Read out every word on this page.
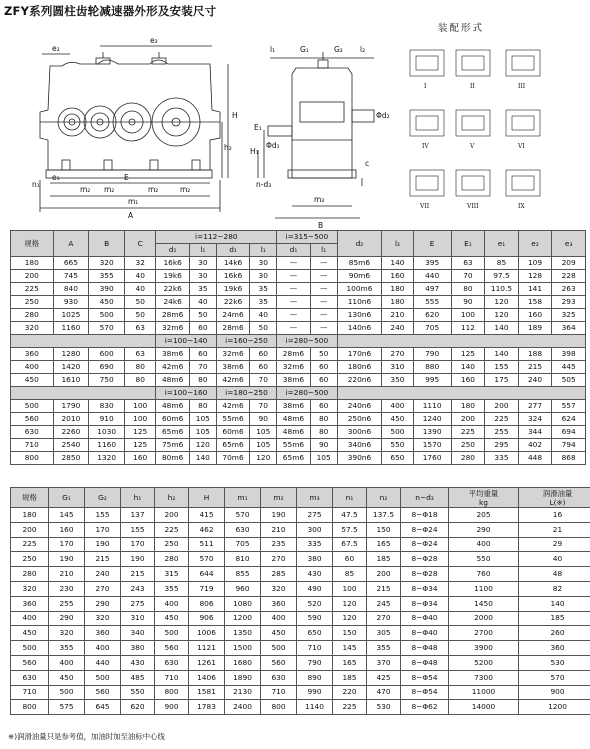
ZFY系列圆柱齿轮减速器外形及安装尺寸
装配形式
e₂
e₃
H
h₂
n₁
e₁
m₂ m₂
E
m₂	m₂
m₁
A
l₁	G₁	G₂ l₂
Φd₂
E₁
H₁
Φd₁
c
n-d₃
m₃
B
I	II	III
IV	V	VI
VII	VIII	IX
规格	A	B	C	i=112~280				i=315~500		d₂	l₂	E	E₁	e₁	e₂	e₃
				d₁	l₁	d₁	l₁	d₁	l₁							
180	665	320	32	16k6	30	14k6	30	—	—	85m6	140	395	63	85	109	209
200	745	355	40	19k6	30	16k6	30	—	—	90m6	160	440	70	97.5	128	228
225	840	390	40	22k6	35	19k6	35	—	—	100m6	180	497	80	110.5	141	263
250	930	450	50	24k6	40	22k6	35	—	—	110n6	180	555	90	120	158	293
280	1025	500	50	28m6	50	24m6	40	—	—	130n6	210	620	100	120	160	325
320	1160	570	63	32m6	60	28m6	50	—	—	140n6	240	705	112	140	189	364
				i=100~140		i=160~250		i=280~500								
360	1280	600	63	38m6	60	32m6	60	28m6	50	170n6	270	790	125	140	188	398
400	1420	690	80	42m6	70	38m6	60	32m6	60	180n6	310	880	140	155	215	445
450	1610	750	80	48m6	80	42m6	70	38m6	60	220n6	350	995	160	175	240	505
				i=100~160		i=180~250		i=280~500								
500	1790	830	100	48m6	80	42m6	70	38m6	60	240n6	400	1110	180	200	277	557
560	2010	910	100	60m6	105	55m6	90	48m6	80	250n6	450	1240	200	225	324	624
630	2260	1030	125	65m6	105	60m6	105	48m6	80	300n6	500	1390	225	255	344	694
710	2540	1160	125	75m6	120	65m6	105	55m6	90	340n6	550	1570	250	295	402	794
800	2850	1320	160	80m6	140	70m6	120	65m6	105	390n6	650	1760	280	335	448	868
规格	G₁	G₂	h₁	h₂	H	m₁	m₂	m₃	n₁	n₂	n−d₃	平均重量
kg	润滑油量
L(※)
180	145	155	137	200	415	570	190	275	47.5	137.5	8−Φ18	205	16
200	160	170	155	225	462	630	210	300	57.5	150	8−Φ24	290	21
225	170	190	170	250	511	705	235	335	67.5	165	8−Φ24	400	29
250	190	215	190	280	570	810	270	380	60	185	8−Φ28	550	40
280	210	240	215	315	644	855	285	430	85	200	8−Φ28	760	48
320	230	270	243	355	719	960	320	490	100	215	8−Φ34	1100	82
360	255	290	275	400	806	1080	360	520	120	245	8−Φ34	1450	140
400	290	320	310	450	906	1200	400	590	120	270	8−Φ40	2000	185
450	320	360	340	500	1006	1350	450	650	150	305	8−Φ40	2700	260
500	355	400	380	560	1121	1500	500	710	145	355	8−Φ48	3900	360
560	400	440	430	630	1261	1680	560	790	165	370	8−Φ48	5200	530
630	450	500	485	710	1406	1890	630	890	185	425	8−Φ54	7300	570
710	500	560	550	800	1581	2130	710	990	220	470	8−Φ54	11000	900
800	575	645	620	900	1783	2400	800	1140	225	530	8−Φ62	14000	1200
※)润滑油量只是参考值，加油时加至油标中心线
